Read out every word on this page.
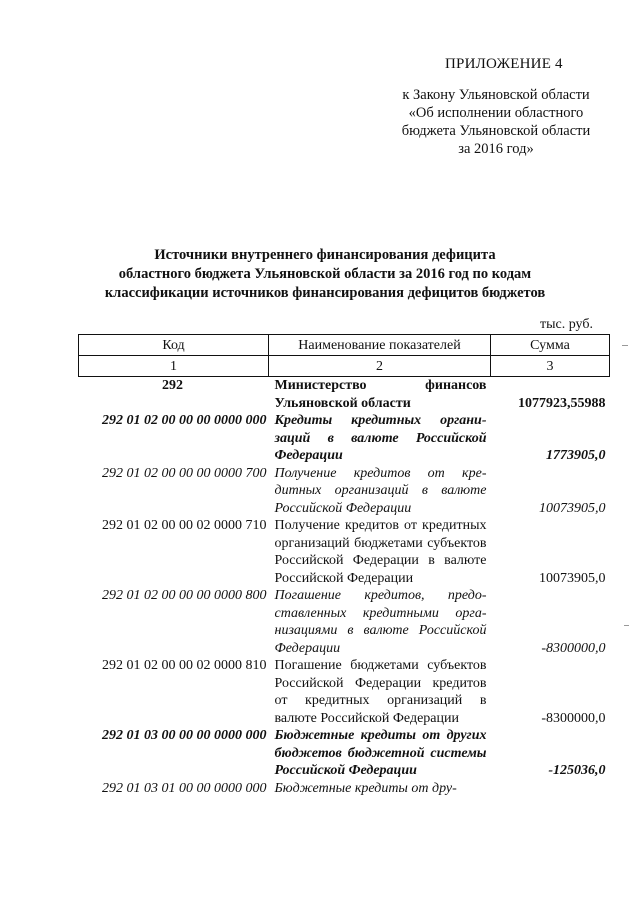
ПРИЛОЖЕНИЕ 4
к Закону Ульяновской области
«Об исполнении областного
бюджета Ульяновской области
за 2016 год»
Источники внутреннего финансирования дефицита
областного бюджета Ульяновской области за 2016 год по кодам
классификации источников финансирования дефицитов бюджетов
тыс. руб.
Код	Наименование показателей	Сумма
1	2	3
292	Министерство финансов Ульяновской области	1077923,55988
292 01 02 00 00 00 0000 000	Кредиты кредитных организаций в валюте Российской Федерации	1773905,0
292 01 02 00 00 00 0000 700	Получение кредитов от кредитных организаций в валюте Российской Федерации	10073905,0
292 01 02 00 00 02 0000 710	Получение кредитов от кредитных организаций бюджетами субъектов Российской Федерации в валюте Российской Федерации	10073905,0
292 01 02 00 00 00 0000 800	Погашение кредитов, предоставленных кредитными организациями в валюте Российской Федерации	-8300000,0
292 01 02 00 00 02 0000 810	Погашение бюджетами субъектов Российской Федерации кредитов от кредитных организаций в валюте Российской Федерации	-8300000,0
292 01 03 00 00 00 0000 000	Бюджетные кредиты от других бюджетов бюджетной системы Российской Федерации	-125036,0
292 01 03 01 00 00 0000 000	Бюджетные кредиты от дру-	
